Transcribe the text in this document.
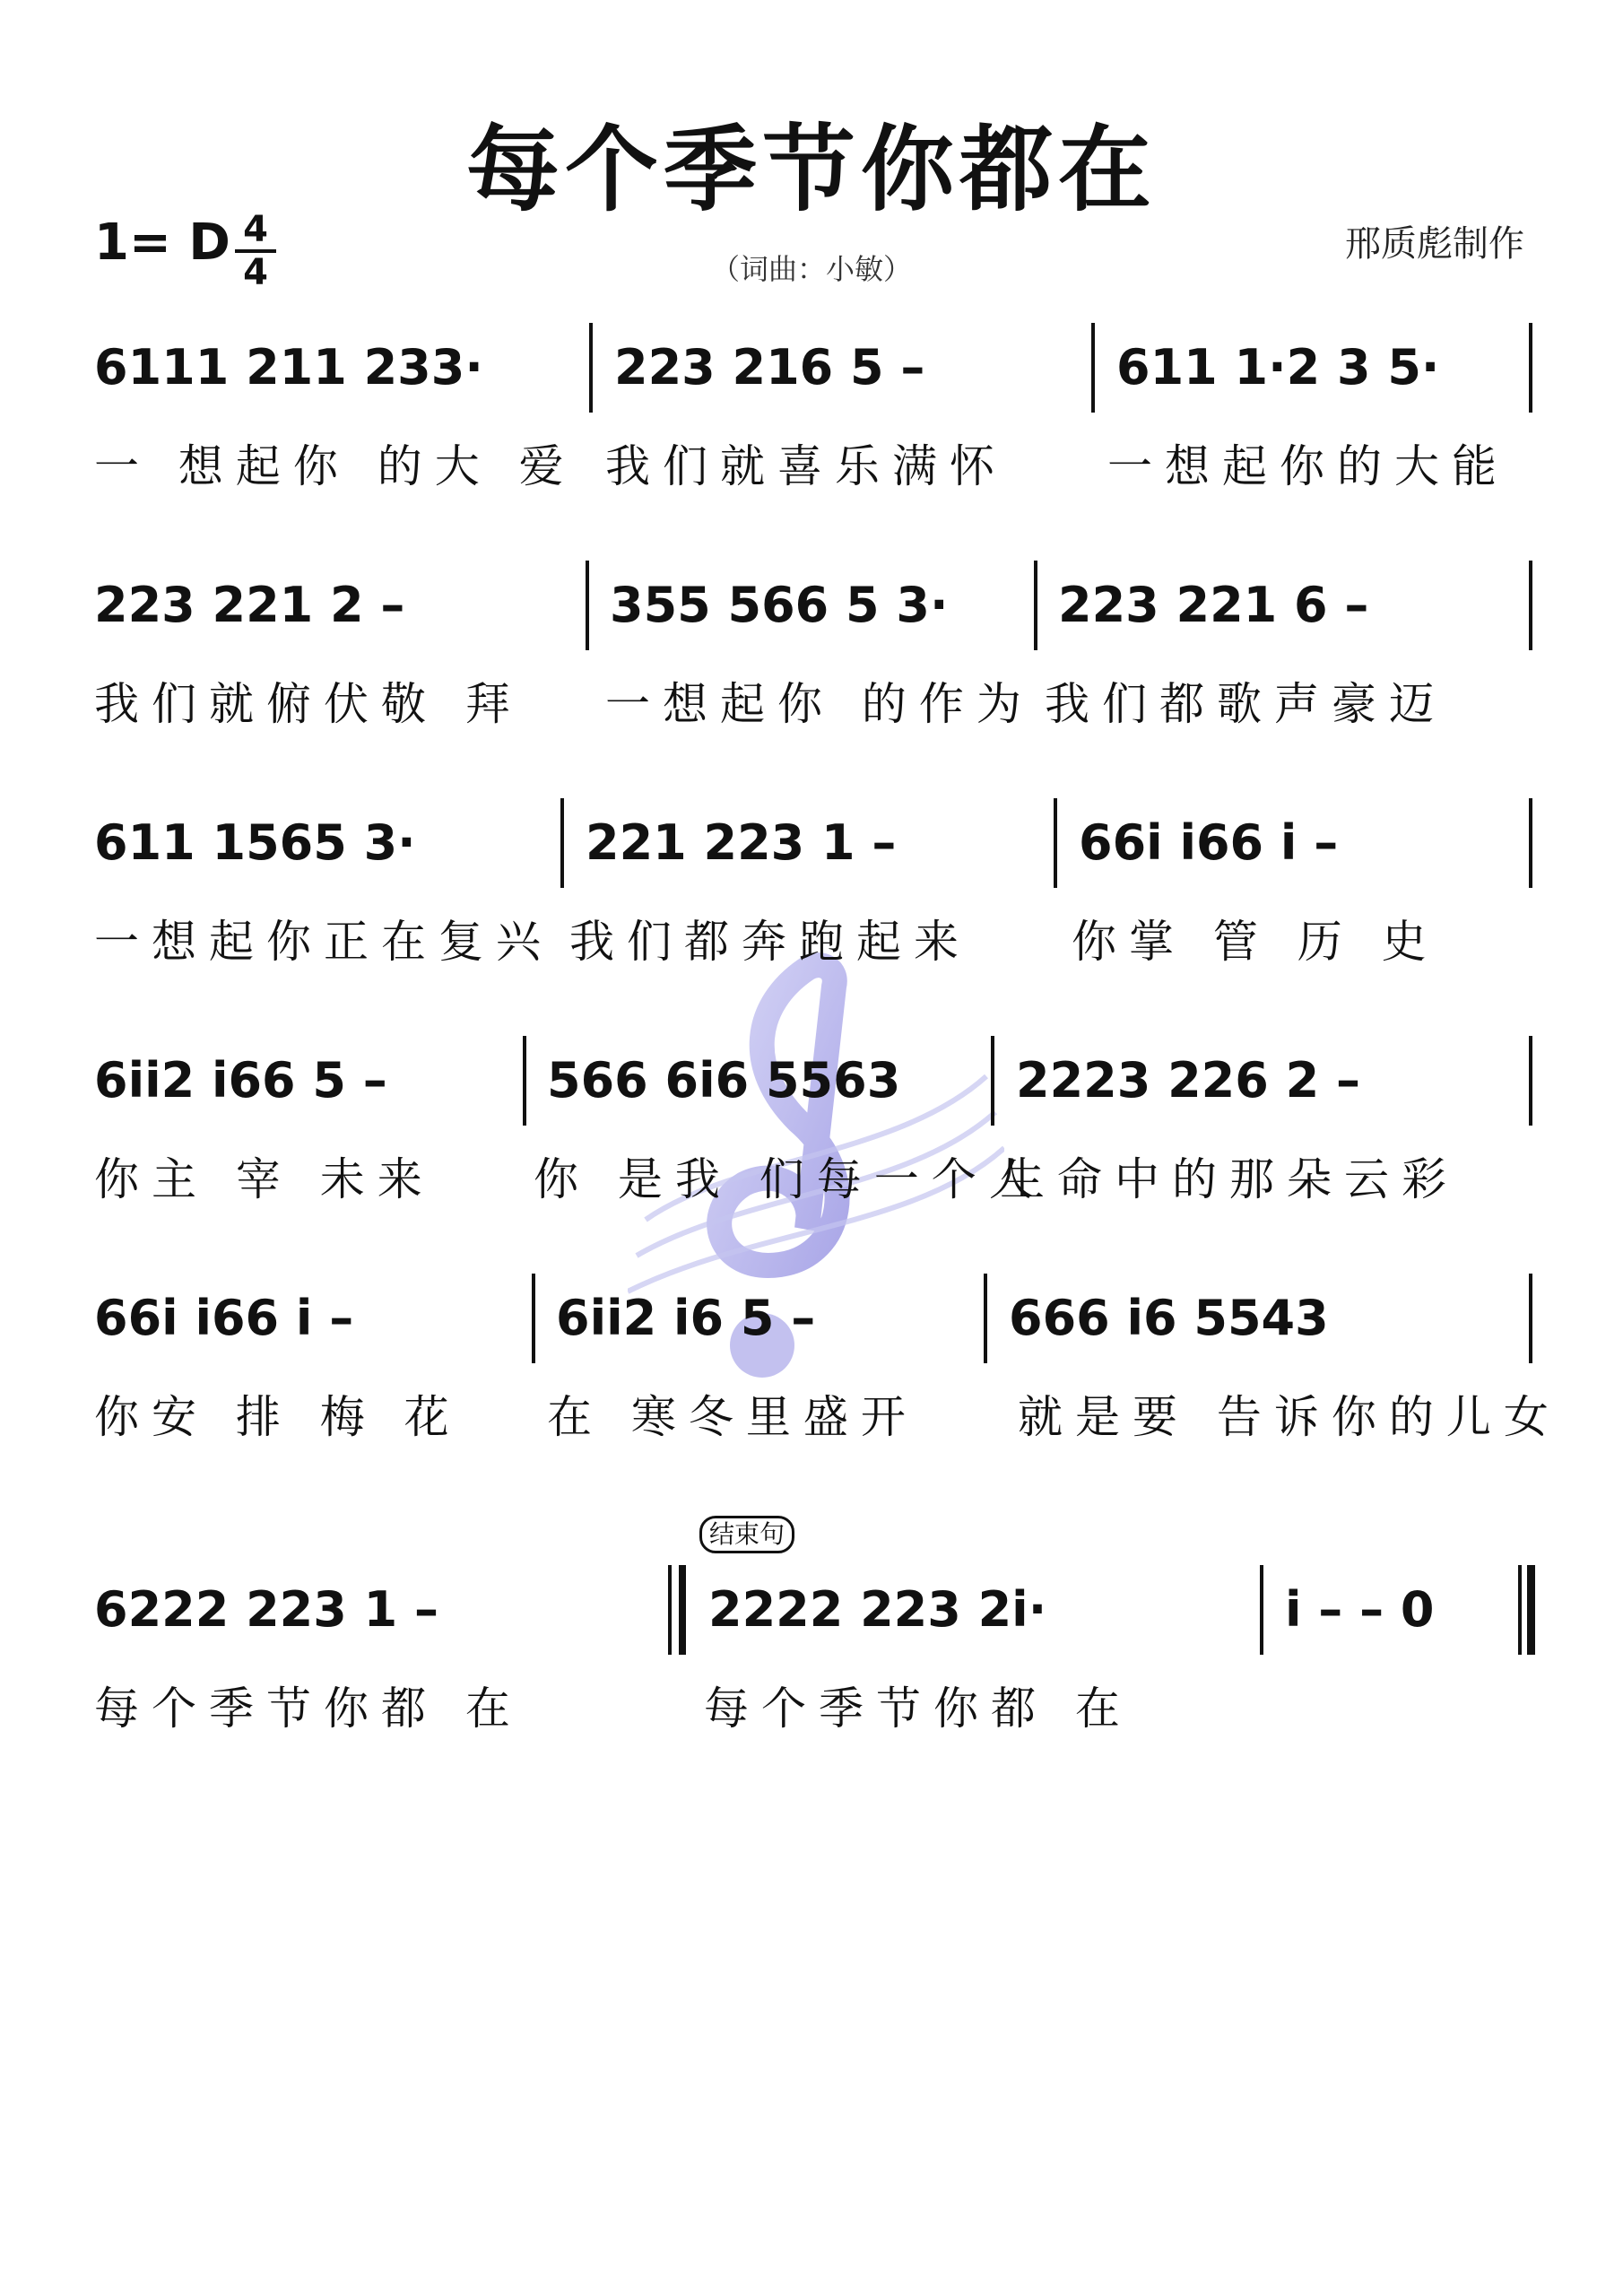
每个季节你都在
1= D 4
4	（词曲：小敏）
邢质彪制作
6111 211 233·	223 216 5 –	611 1·2 3 5·
一 想起你 的大 爱 我们就喜乐满怀 一想起你的大能
223 221 2 –	355 566 5 3· 223 221 6 –
我们就俯伏敬 拜 一想起你 的作为 我们都歌声豪迈
611 1565 3·	221 223 1 –	66i i66 i –
一想起你正在复兴 我们都奔跑起来 你掌 管 历 史
6ii2 i66 5 –	566 6i6 5563 2223 226 2 –
你主 宰 未来 你 是我 们每一个人
生命中的那朵云彩
66i i66 i –	6ii2 i6 5 –	666 i6 5543
你安 排 梅 花 在 寒冬里盛开 就是要 告诉你的儿女
结束句
6222 223 1 –	2222 223 2i·	i – – 0
每个季节你都 在	每个季节你都 在
